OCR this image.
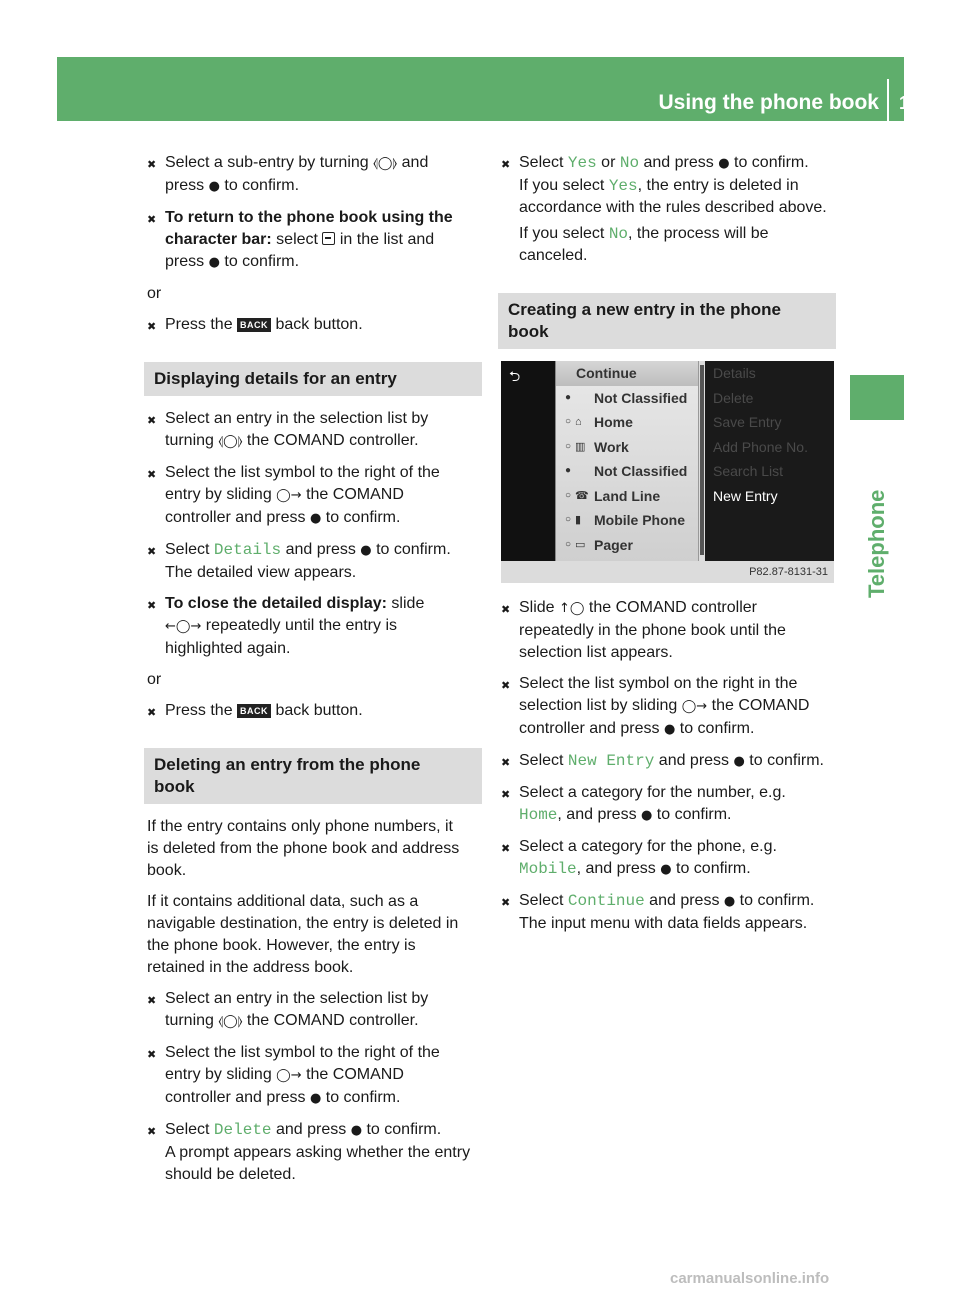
Using the phone book 141
Telephone
✖
Select a sub-entry by turning ⦉◯⦊ and
press ● to confirm.
✖
To return to the phone book using the
character bar: select  in the list and
press ● to confirm.
or
✖
Press the BACK back button.
Displaying details for an entry
✖
Select an entry in the selection list by
turning ⦉◯⦊ the COMAND controller.
✖
Select the list symbol to the right of the
entry by sliding ◯→ the COMAND
controller and press ● to confirm.
✖
Select Details and press ● to confirm.
The detailed view appears.
✖
To close the detailed display: slide
←◯→ repeatedly until the entry is
highlighted again.
or
✖
Press the BACK back button.
Deleting an entry from the phone
book
If the entry contains only phone numbers, it
is deleted from the phone book and address
book.
If it contains additional data, such as a
navigable destination, the entry is deleted in
the phone book. However, the entry is
retained in the address book.
✖
Select an entry in the selection list by
turning ⦉◯⦊ the COMAND controller.
✖
Select the list symbol to the right of the
entry by sliding ◯→ the COMAND
controller and press ● to confirm.
✖
Select Delete and press ● to confirm.
A prompt appears asking whether the entry
should be deleted.
✖
Select Yes or No and press ● to confirm.
If you select Yes, the entry is deleted in
accordance with the rules described above.
If you select No, the process will be
canceled.
Creating a new entry in the phone
book
⮌	Continue
● Not Classified
○ ⌂ Home
○ ▥ Work
● Not Classified
○ ☎ Land Line
○ ▮ Mobile Phone
○ ▭ Pager
Details
Delete
Save Entry
Add Phone No.
Search List
New Entry
P82.87-8131-31
✖
Slide ↑◯ the COMAND controller
repeatedly in the phone book until the
selection list appears.
✖
Select the list symbol on the right in the
selection list by sliding ◯→ the COMAND
controller and press ● to confirm.
✖
Select New Entry and press ● to confirm.
✖
Select a category for the number, e.g.
Home, and press ● to confirm.
✖
Select a category for the phone, e.g.
Mobile, and press ● to confirm.
✖
Select Continue and press ● to confirm.
The input menu with data fields appears.
carmanualsonline.info
